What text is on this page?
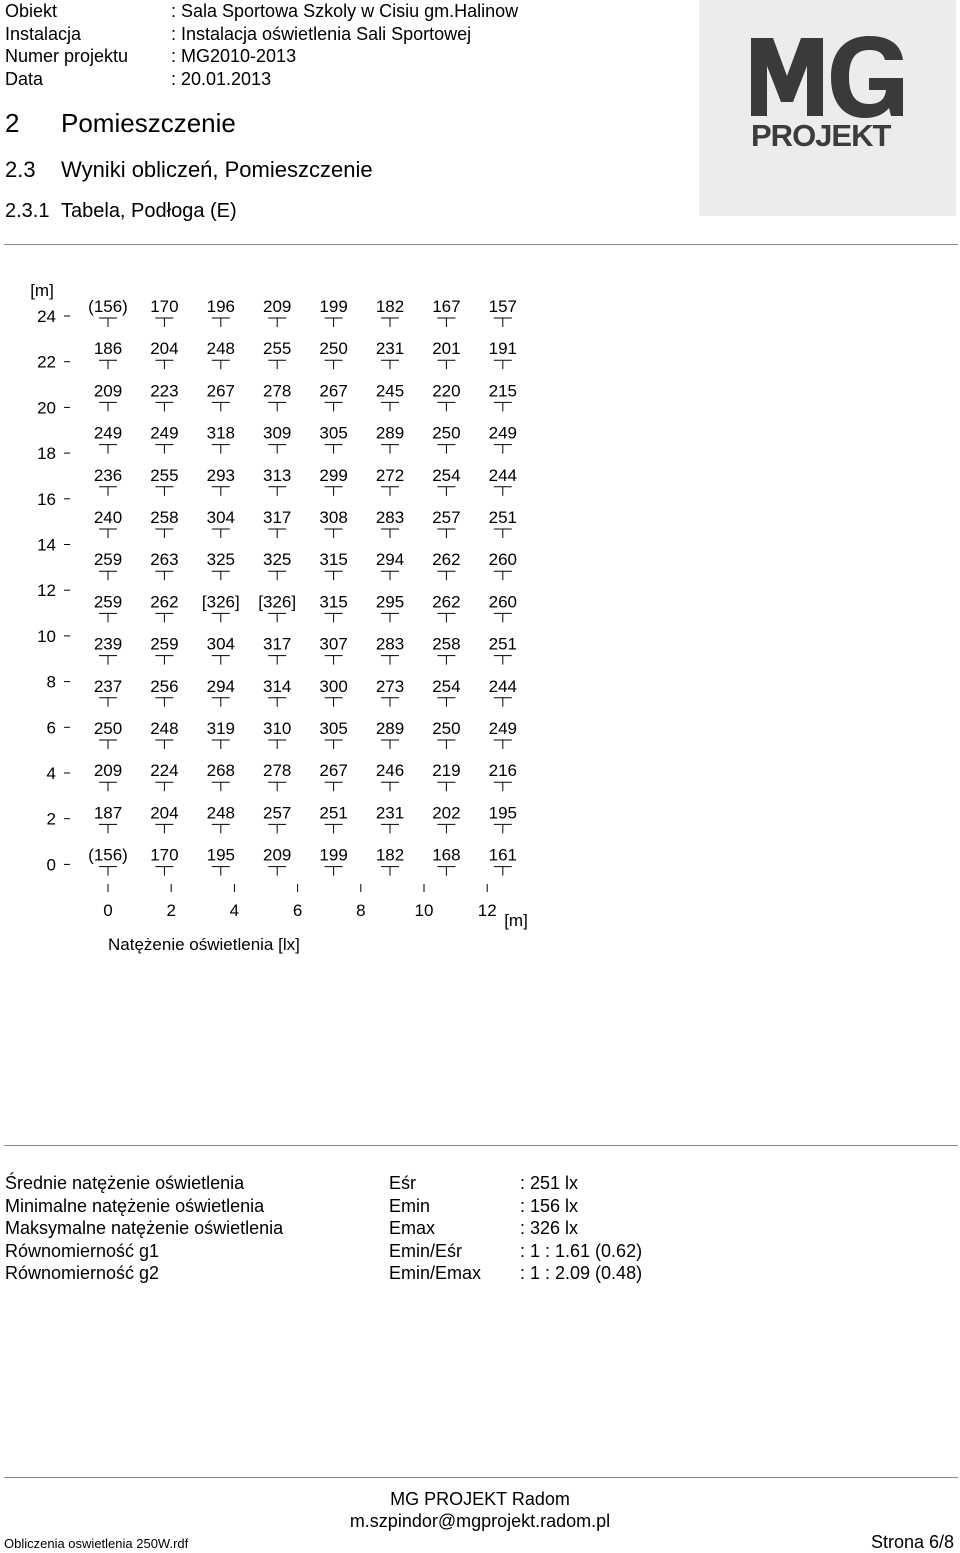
Obiekt	: Sala Sportowa Szkoly w Cisiu gm.Halinow
Instalacja	: Instalacja oświetlenia Sali Sportowej
Numer projektu	: MG2010-2013
Data	: 20.01.2013
PROJEKT
2 Pomieszczenie
2.3 Wyniki obliczeń, Pomieszczenie
2.3.1 Tabela, Podłoga (E)
[m]
24
22
20
18
16
14
12
10
8
6
4
2
0
(156) 170 196 209 199 182 167 157
186 204 248 255 250 231 201 191
209 223 267 278 267 245 220 215
249 249 318 309 305 289 250 249
236 255 293 313 299 272 254 244
240 258 304 317 308 283 257 251
259 263 325 325 315 294 262 260
259 262 [326] [326] 315 295 262 260
239 259 304 317 307 283 258 251
237 256 294 314 300 273 254 244
250 248 319 310 305 289 250 249
209 224 268 278 267 246 219 216
187 204 248 257 251 231 202 195
(156) 170 195 209 199 182 168 161
0	2	4	6	8	10	12
[m]
Natężenie oświetlenia [lx]
Średnie natężenie oświetlenia	Eśr	: 251 lx
Minimalne natężenie oświetlenia	Emin	: 156 lx
Maksymalne natężenie oświetlenia	Emax	: 326 lx
Równomierność g1	Emin/Eśr	: 1 : 1.61 (0.62)
Równomierność g2	Emin/Emax	: 1 : 2.09 (0.48)
MG PROJEKT Radom
m.szpindor@mgprojekt.radom.pl
Obliczenia oswietlenia 250W.rdf	Strona 6/8
